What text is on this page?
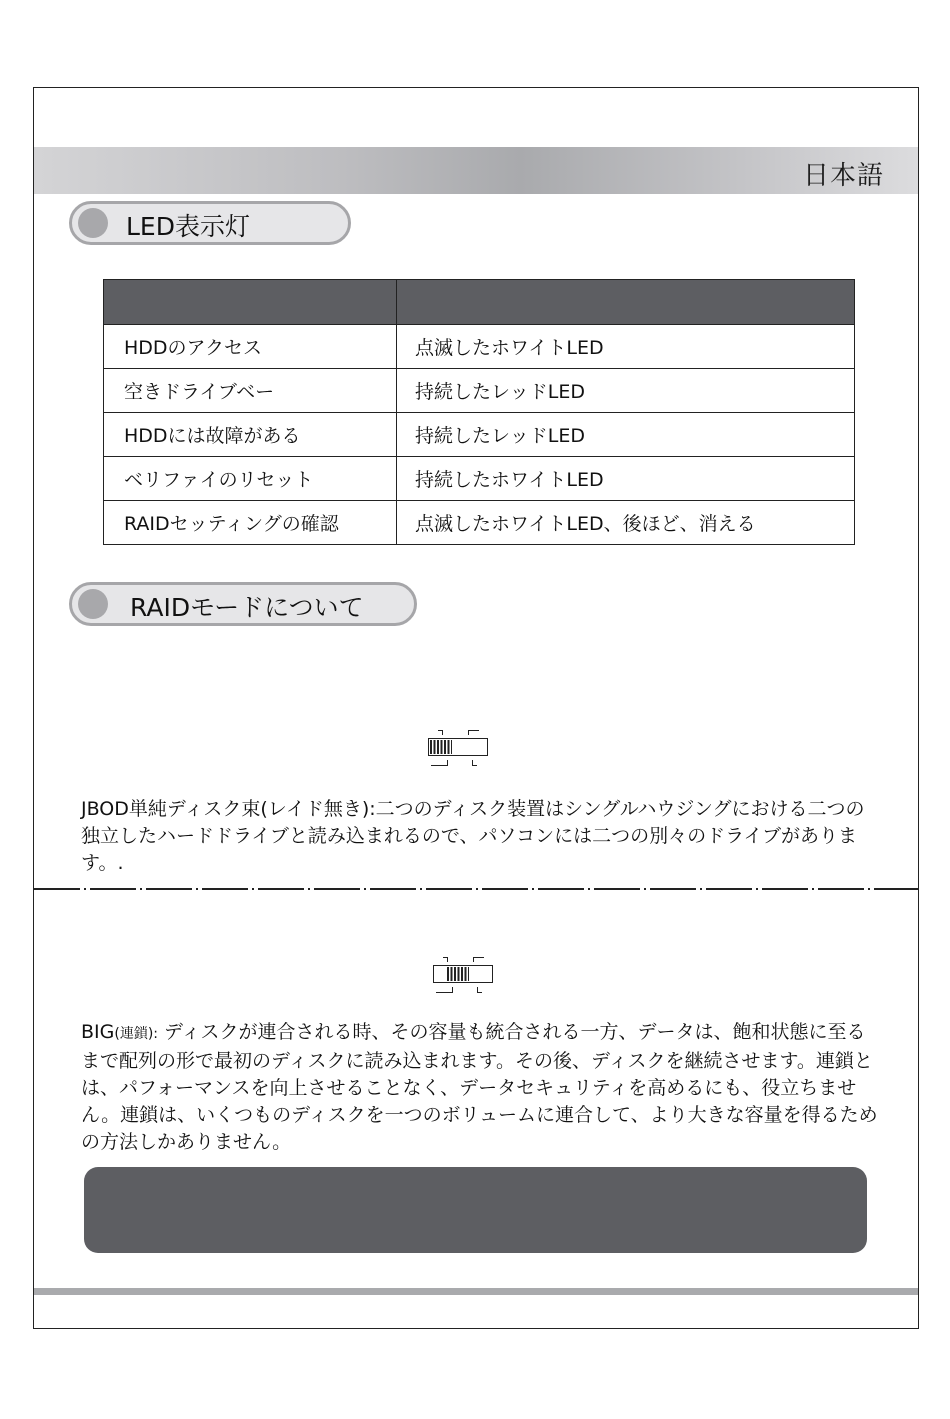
日本語
LED表示灯

HDDのアクセス	点滅したホワイトLED
空きドライブベー	持続したレッドLED
HDDには故障がある	持続したレッドLED
ベリファイのリセット	持続したホワイトLED
RAIDセッティングの確認	点滅したホワイトLED、後ほど、消える
RAIDモードについて
JBOD単純ディスク束(レイド無き):二つのディスク装置はシングルハウジングにおける二つの独立したハードドライブと読み込まれるので、パソコンには二つの別々のドライブがあります。.
BIG(連鎖): ディスクが連合される時、その容量も統合される一方、データは、飽和状態に至るまで配列の形で最初のディスクに読み込まれます。その後、ディスクを継続させます。連鎖とは、パフォーマンスを向上させることなく、データセキュリティを高めるにも、役立ちません。連鎖は、いくつものディスクを一つのボリュームに連合して、より大きな容量を得るための方法しかありません。
